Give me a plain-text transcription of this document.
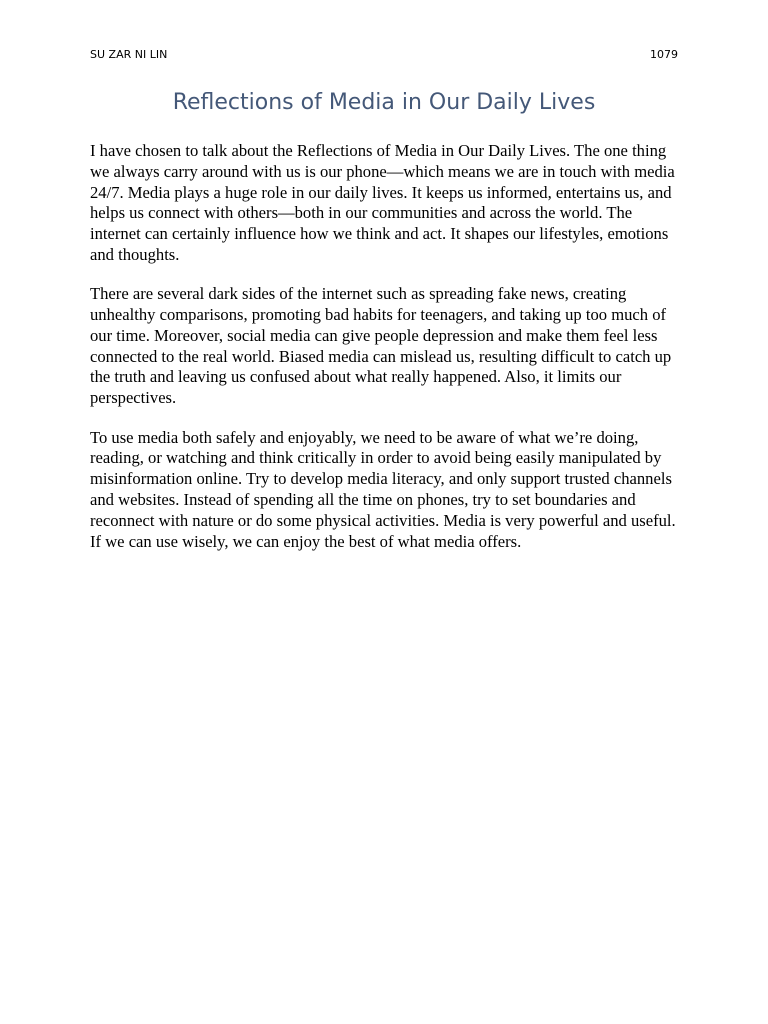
SU ZAR NI LIN	1079
Reflections of Media in Our Daily Lives

I have chosen to talk about the Reflections of Media in Our Daily Lives. The one thing we always carry around with us is our phone—which means we are in touch with media 24/7. Media plays a huge role in our daily lives. It keeps us informed, entertains us, and helps us connect with others—both in our communities and across the world. The internet can certainly influence how we think and act. It shapes our lifestyles, emotions and thoughts.

There are several dark sides of the internet such as spreading fake news, creating unhealthy comparisons, promoting bad habits for teenagers, and taking up too much of our time. Moreover, social media can give people depression and make them feel less connected to the real world. Biased media can mislead us, resulting difficult to catch up the truth and leaving us confused about what really happened. Also, it limits our perspectives.

To use media both safely and enjoyably, we need to be aware of what we’re doing, reading, or watching and think critically in order to avoid being easily manipulated by misinformation online. Try to develop media literacy, and only support trusted channels and websites. Instead of spending all the time on phones, try to set boundaries and reconnect with nature or do some physical activities. Media is very powerful and useful. If we can use wisely, we can enjoy the best of what media offers.
